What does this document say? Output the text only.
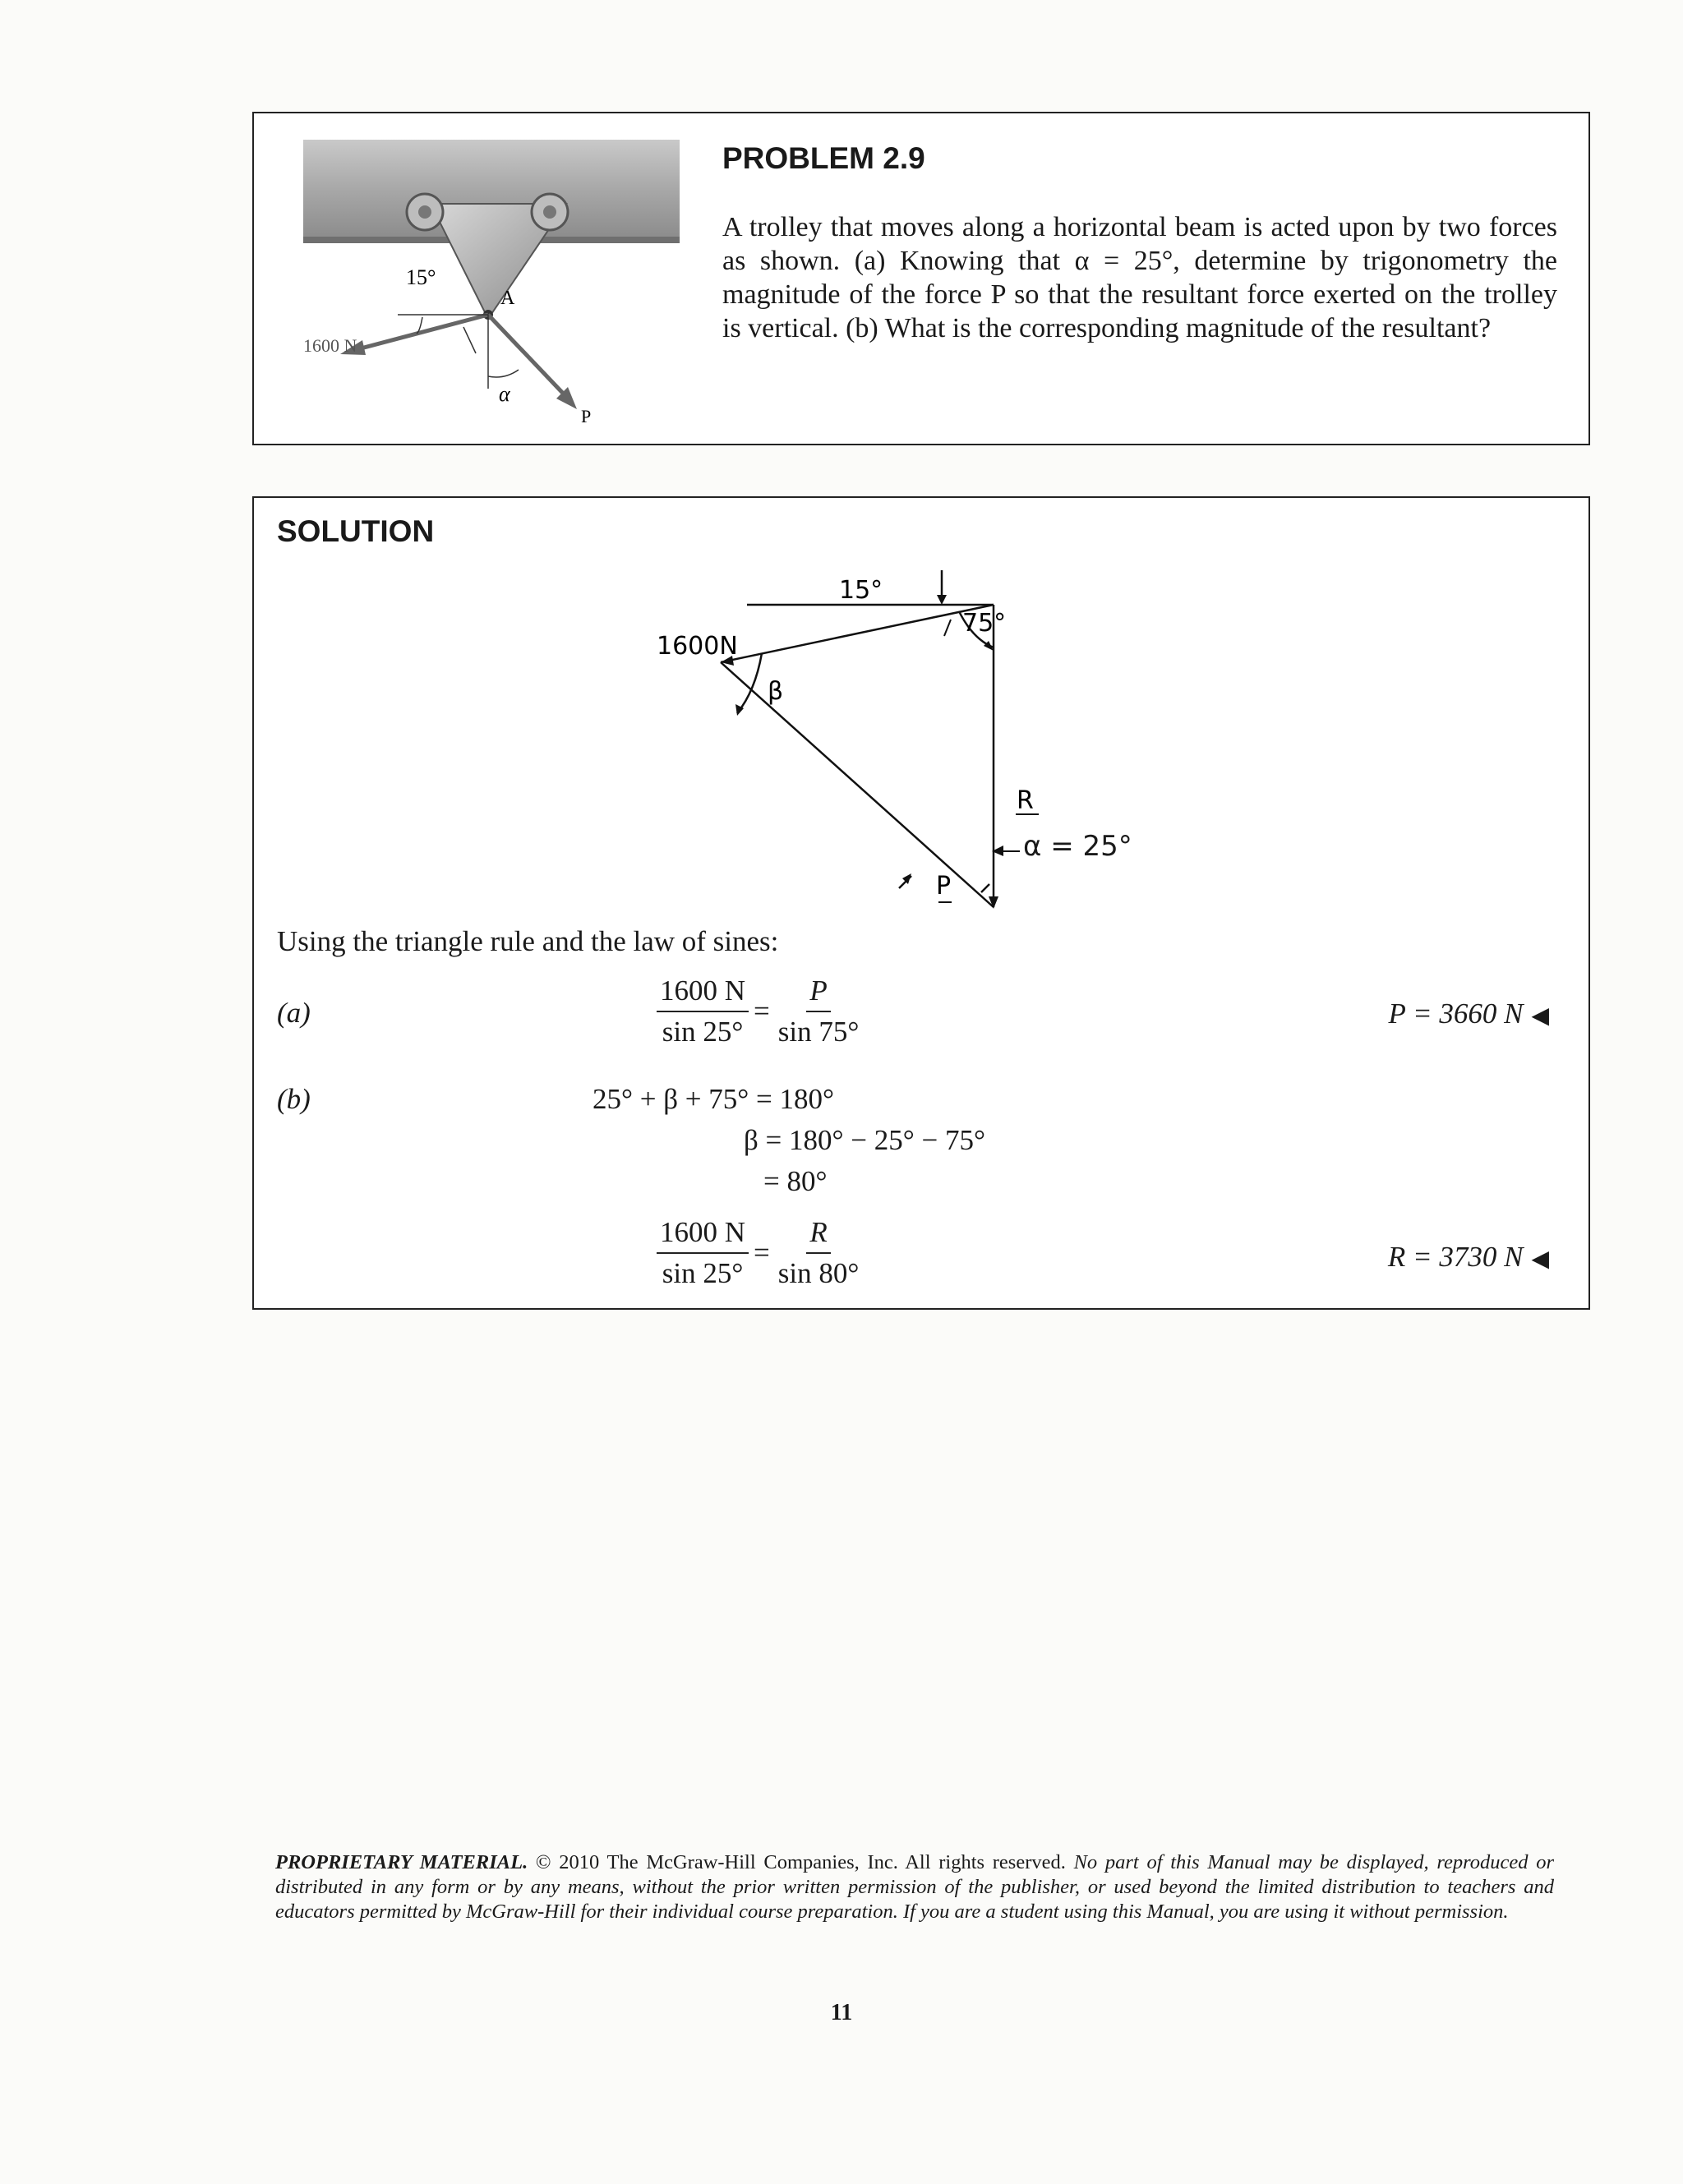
15°
A
1600 N
α
P
PROBLEM 2.9
A trolley that moves along a horizontal beam is acted upon by two forces as shown. (a) Knowing that α = 25°, determine by trigonometry the magnitude of the force P so that the resultant force exerted on the trolley is vertical. (b) What is the corresponding magnitude of the resultant?
SOLUTION
1600N
15°
75°
β
R
P
α = 25°
Using the triangle rule and the law of sines:
(a)	$\frac{1600 N}{\sin 25^\circ} = \frac{P}{\sin 75^\circ}$	P = 3660 N ◀
(b)	25° + β + 75° = 180°
β = 180° − 25° − 75°
= 80°
$\frac{1600 N}{\sin 25^\circ} = \frac{R}{\sin 80^\circ}$	R = 3730 N ◀
PROPRIETARY MATERIAL. © 2010 The McGraw-Hill Companies, Inc. All rights reserved. No part of this Manual may be displayed, reproduced or distributed in any form or by any means, without the prior written permission of the publisher, or used beyond the limited distribution to teachers and educators permitted by McGraw-Hill for their individual course preparation. If you are a student using this Manual, you are using it without permission.
11
